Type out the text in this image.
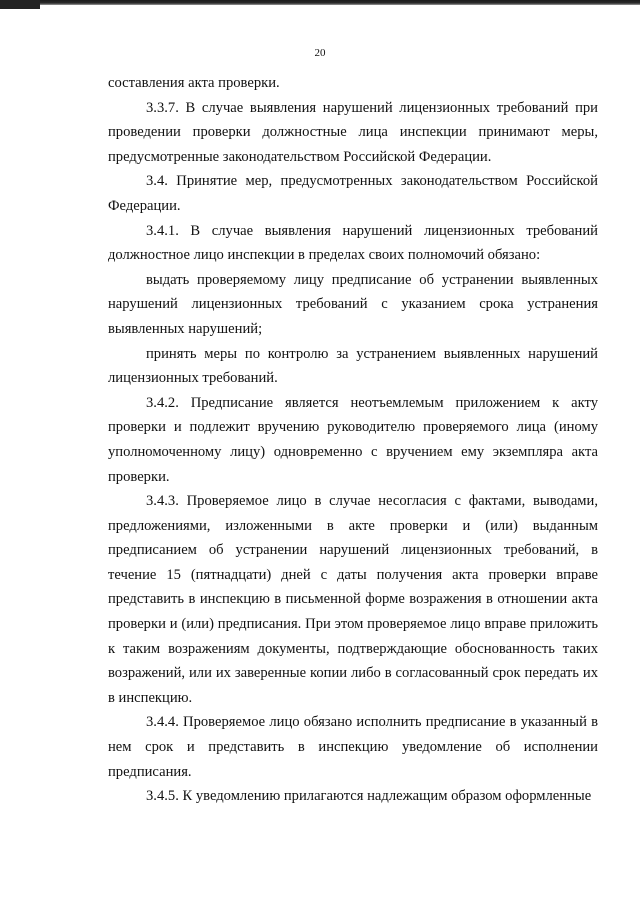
20

составления акта проверки.

3.3.7. В случае выявления нарушений лицензионных требований при проведении проверки должностные лица инспекции принимают меры, предусмотренные законодательством Российской Федерации.

3.4. Принятие мер, предусмотренных законодательством Российской Федерации.

3.4.1. В случае выявления нарушений лицензионных требований должностное лицо инспекции в пределах своих полномочий обязано:

выдать проверяемому лицу предписание об устранении выявленных нарушений лицензионных требований с указанием срока устранения выявленных нарушений;

принять меры по контролю за устранением выявленных нарушений лицензионных требований.

3.4.2. Предписание является неотъемлемым приложением к акту проверки и подлежит вручению руководителю проверяемого лица (иному уполномоченному лицу) одновременно с вручением ему экземпляра акта проверки.

3.4.3. Проверяемое лицо в случае несогласия с фактами, выводами, предложениями, изложенными в акте проверки и (или) выданным предписанием об устранении нарушений лицензионных требований, в течение 15 (пятнадцати) дней с даты получения акта проверки вправе представить в инспекцию в письменной форме возражения в отношении акта проверки и (или) предписания. При этом проверяемое лицо вправе приложить к таким возражениям документы, подтверждающие обоснованность таких возражений, или их заверенные копии либо в согласованный срок передать их в инспекцию.

3.4.4. Проверяемое лицо обязано исполнить предписание в указанный в нем срок и представить в инспекцию уведомление об исполнении предписания.

3.4.5. К уведомлению прилагаются надлежащим образом оформленные
